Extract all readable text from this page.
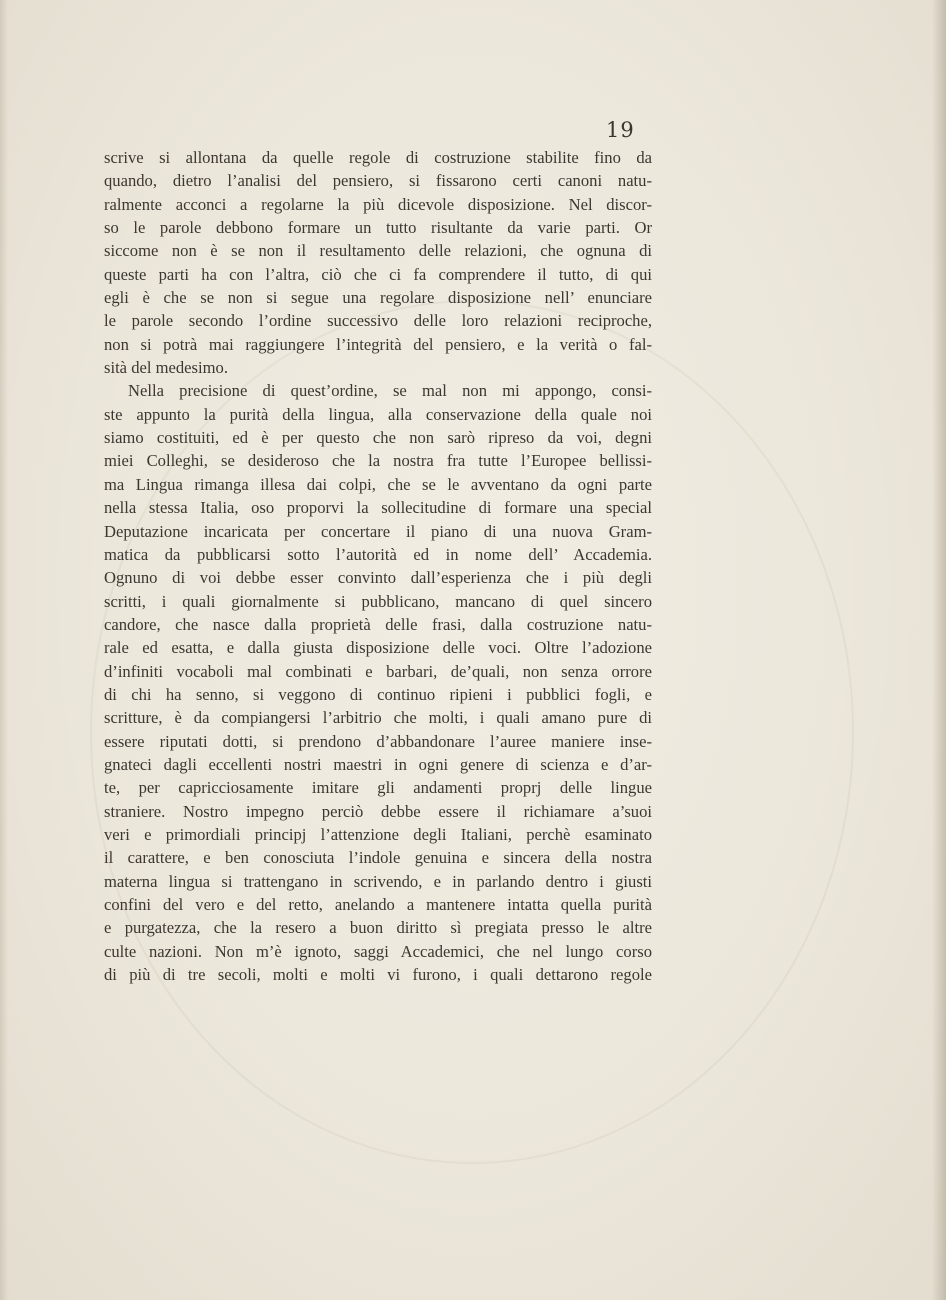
19
scrive si allontana da quelle regole di costruzione stabilite fino da
quando, dietro l’analisi del pensiero, si fissarono certi canoni natu-
ralmente acconci a regolarne la più dicevole disposizione. Nel discor-
so le parole debbono formare un tutto risultante da varie parti. Or
siccome non è se non il resultamento delle relazioni, che ognuna di
queste parti ha con l’altra, ciò che ci fa comprendere il tutto, di qui
egli è che se non si segue una regolare disposizione nell’ enunciare
le parole secondo l’ordine successivo delle loro relazioni reciproche,
non si potrà mai raggiungere l’integrità del pensiero, e la verità o fal-
sità del medesimo.
Nella precisione di quest’ordine, se mal non mi appongo, consi-
ste appunto la purità della lingua, alla conservazione della quale noi
siamo costituiti, ed è per questo che non sarò ripreso da voi, degni
miei Colleghi, se desideroso che la nostra fra tutte l’Europee bellissi-
ma Lingua rimanga illesa dai colpi, che se le avventano da ogni parte
nella stessa Italia, oso proporvi la sollecitudine di formare una special
Deputazione incaricata per concertare il piano di una nuova Gram-
matica da pubblicarsi sotto l’autorità ed in nome dell’ Accademia.
Ognuno di voi debbe esser convinto dall’esperienza che i più degli
scritti, i quali giornalmente si pubblicano, mancano di quel sincero
candore, che nasce dalla proprietà delle frasi, dalla costruzione natu-
rale ed esatta, e dalla giusta disposizione delle voci. Oltre l’adozione
d’infiniti vocaboli mal combinati e barbari, de’quali, non senza orrore
di chi ha senno, si veggono di continuo ripieni i pubblici fogli, e
scritture, è da compiangersi l’arbitrio che molti, i quali amano pure di
essere riputati dotti, si prendono d’abbandonare l’auree maniere inse-
gnateci dagli eccellenti nostri maestri in ogni genere di scienza e d’ar-
te, per capricciosamente imitare gli andamenti proprj delle lingue
straniere. Nostro impegno perciò debbe essere il richiamare a’suoi
veri e primordiali principj l’attenzione degli Italiani, perchè esaminato
il carattere, e ben conosciuta l’indole genuina e sincera della nostra
materna lingua si trattengano in scrivendo, e in parlando dentro i giusti
confini del vero e del retto, anelando a mantenere intatta quella purità
e purgatezza, che la resero a buon diritto sì pregiata presso le altre
culte nazioni. Non m’è ignoto, saggi Accademici, che nel lungo corso
di più di tre secoli, molti e molti vi furono, i quali dettarono regole
